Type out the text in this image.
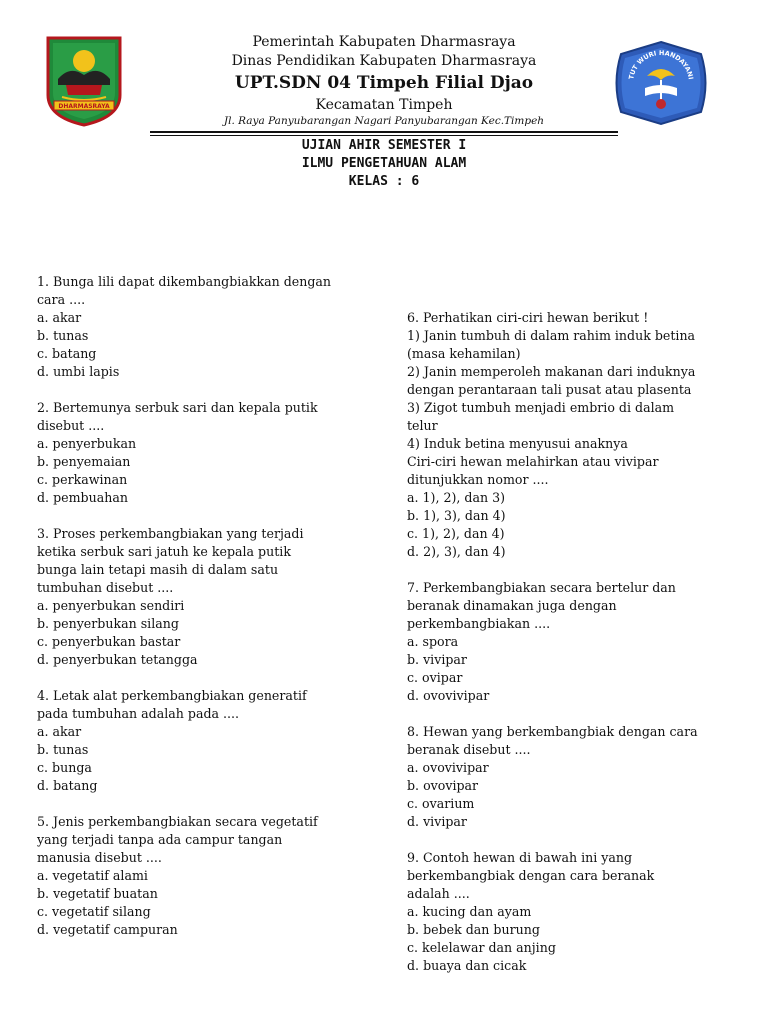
DHARMASRAYA
TUT WURI HANDAYANI
Pemerintah Kabupaten Dharmasraya
Dinas Pendidikan Kabupaten Dharmasraya
UPT.SDN 04 Timpeh Filial Djao
Kecamatan Timpeh
Jl. Raya Panyubarangan Nagari Panyubarangan Kec.Timpeh
UJIAN AHIR SEMESTER I
ILMU PENGETAHUAN ALAM
KELAS : 6
1. Bunga lili dapat dikembangbiakkan dengan
cara ....
a. akar
b. tunas
c. batang
d. umbi lapis
2. Bertemunya serbuk sari dan kepala putik
disebut ....
a. penyerbukan
b. penyemaian
c. perkawinan
d. pembuahan
3. Proses perkembangbiakan yang terjadi
ketika serbuk sari jatuh ke kepala putik
bunga lain tetapi masih di dalam satu
tumbuhan disebut ....
a. penyerbukan sendiri
b. penyerbukan silang
c. penyerbukan bastar
d. penyerbukan tetangga
4. Letak alat perkembangbiakan generatif
pada tumbuhan adalah pada ....
a. akar
b. tunas
c. bunga
d. batang
5. Jenis perkembangbiakan secara vegetatif
yang terjadi tanpa ada campur tangan
manusia disebut ....
a. vegetatif alami
b. vegetatif buatan
c. vegetatif silang
d. vegetatif campuran
6. Perhatikan ciri-ciri hewan berikut !
1) Janin tumbuh di dalam rahim induk betina
(masa kehamilan)
2) Janin memperoleh makanan dari induknya
dengan perantaraan tali pusat atau plasenta
3) Zigot tumbuh menjadi embrio di dalam
telur
4) Induk betina menyusui anaknya
Ciri-ciri hewan melahirkan atau vivipar
ditunjukkan nomor ....
a. 1), 2), dan 3)
b. 1), 3), dan 4)
c. 1), 2), dan 4)
d. 2), 3), dan 4)
7. Perkembangbiakan secara bertelur dan
beranak dinamakan juga dengan
perkembangbiakan ....
a. spora
b. vivipar
c. ovipar
d. ovovivipar
8. Hewan yang berkembangbiak dengan cara
beranak disebut ....
a. ovovivipar
b. ovovipar
c. ovarium
d. vivipar
9. Contoh hewan di bawah ini yang
berkembangbiak dengan cara beranak
adalah ....
a. kucing dan ayam
b. bebek dan burung
c. kelelawar dan anjing
d. buaya dan cicak
